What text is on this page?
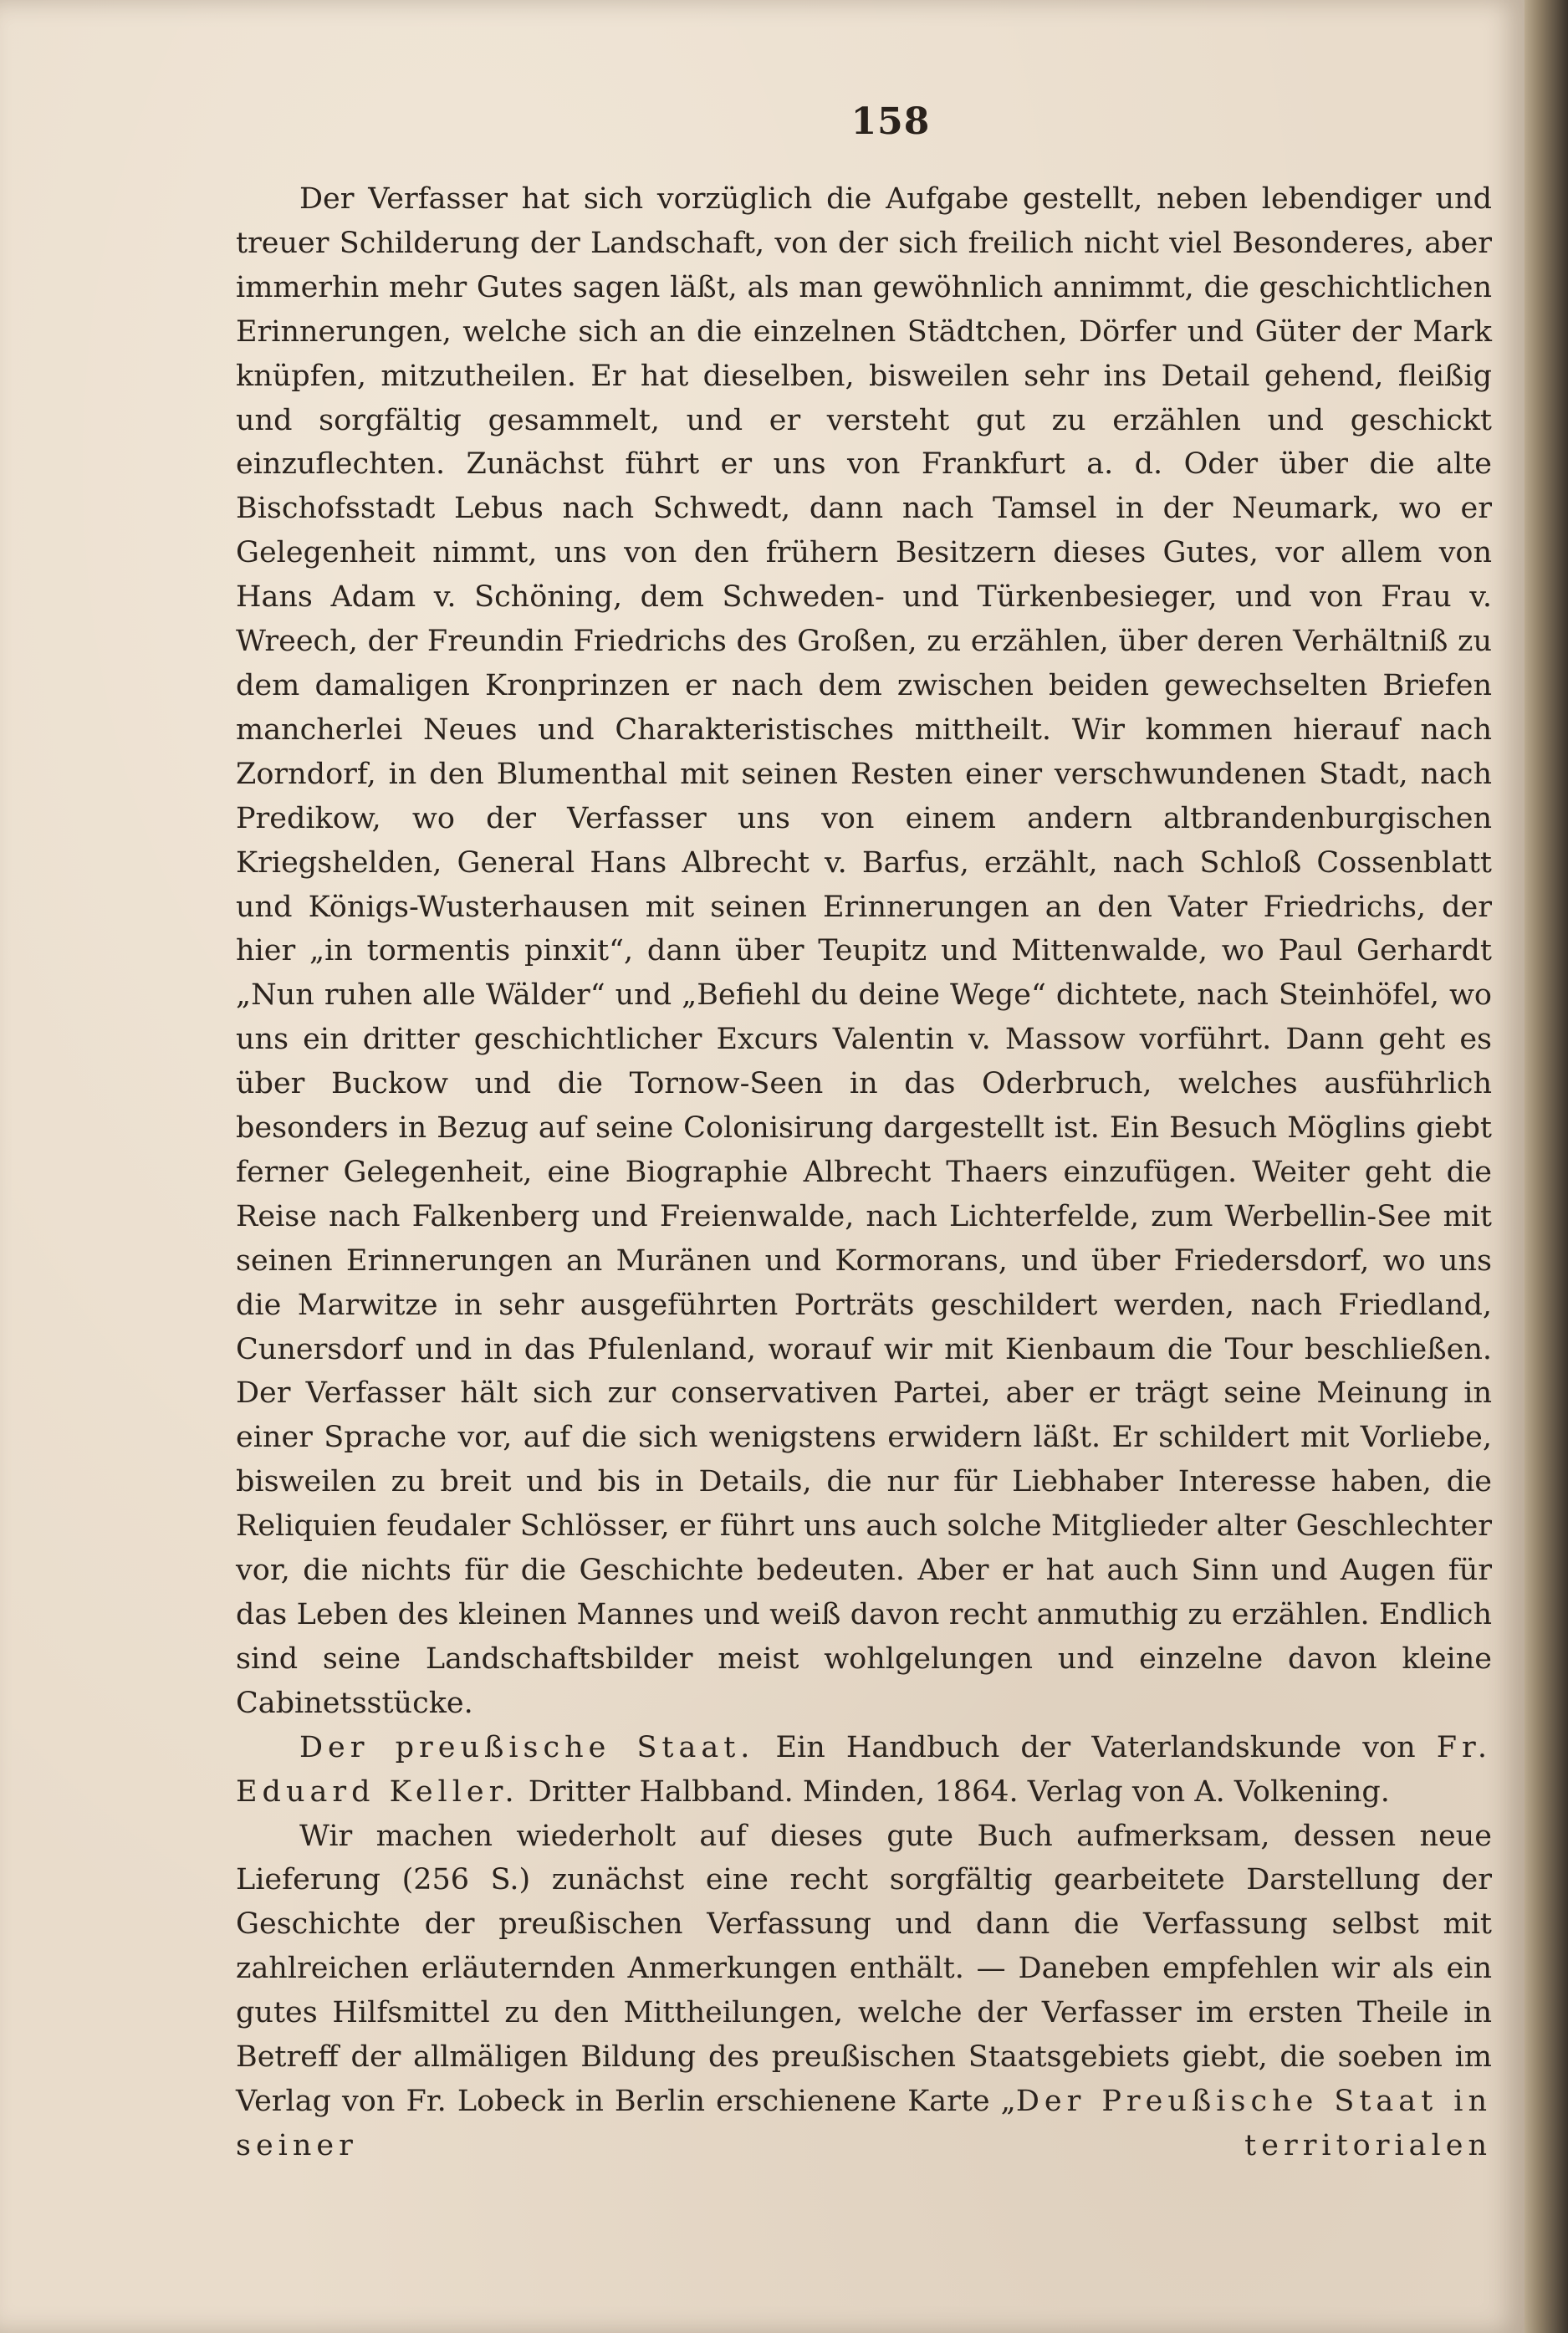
158

Der Verfasser hat sich vorzüglich die Aufgabe gestellt, neben lebendiger und treuer Schilderung der Landschaft, von der sich freilich nicht viel Besonderes, aber immerhin mehr Gutes sagen läßt, als man gewöhnlich annimmt, die geschichtlichen Erinnerungen, welche sich an die einzelnen Städtchen, Dörfer und Güter der Mark knüpfen, mitzutheilen. Er hat dieselben, bisweilen sehr ins Detail gehend, fleißig und sorgfältig gesammelt, und er versteht gut zu erzählen und geschickt einzuflechten. Zunächst führt er uns von Frankfurt a. d. Oder über die alte Bischofsstadt Lebus nach Schwedt, dann nach Tamsel in der Neumark, wo er Gelegenheit nimmt, uns von den frühern Besitzern dieses Gutes, vor allem von Hans Adam v. Schöning, dem Schweden- und Türkenbesieger, und von Frau v. Wreech, der Freundin Friedrichs des Großen, zu erzählen, über deren Verhältniß zu dem damaligen Kronprinzen er nach dem zwischen beiden gewechselten Briefen mancherlei Neues und Charakteristisches mittheilt. Wir kommen hierauf nach Zorndorf, in den Blumenthal mit seinen Resten einer verschwundenen Stadt, nach Predikow, wo der Verfasser uns von einem andern altbrandenburgischen Kriegshelden, General Hans Albrecht v. Barfus, erzählt, nach Schloß Cossenblatt und Königs-Wusterhausen mit seinen Erinnerungen an den Vater Friedrichs, der hier „in tormentis pinxit“, dann über Teupitz und Mittenwalde, wo Paul Gerhardt „Nun ruhen alle Wälder“ und „Befiehl du deine Wege“ dichtete, nach Steinhöfel, wo uns ein dritter geschichtlicher Excurs Valentin v. Massow vorführt. Dann geht es über Buckow und die Tornow-Seen in das Oderbruch, welches ausführlich besonders in Bezug auf seine Colonisirung dargestellt ist. Ein Besuch Möglins giebt ferner Gelegenheit, eine Biographie Albrecht Thaers einzufügen. Weiter geht die Reise nach Falkenberg und Freienwalde, nach Lichterfelde, zum Werbellin-See mit seinen Erinnerungen an Muränen und Kormorans, und über Friedersdorf, wo uns die Marwitze in sehr ausgeführten Porträts geschildert werden, nach Friedland, Cunersdorf und in das Pfulenland, worauf wir mit Kienbaum die Tour beschließen. Der Verfasser hält sich zur conservativen Partei, aber er trägt seine Meinung in einer Sprache vor, auf die sich wenigstens erwidern läßt. Er schildert mit Vorliebe, bisweilen zu breit und bis in Details, die nur für Liebhaber Interesse haben, die Reliquien feudaler Schlösser, er führt uns auch solche Mitglieder alter Geschlechter vor, die nichts für die Geschichte bedeuten. Aber er hat auch Sinn und Augen für das Leben des kleinen Mannes und weiß davon recht anmuthig zu erzählen. Endlich sind seine Landschaftsbilder meist wohlgelungen und einzelne davon kleine Cabinetsstücke.

Der preußische Staat. Ein Handbuch der Vaterlandskunde von Fr. Eduard Keller. Dritter Halbband. Minden, 1864. Verlag von A. Volkening.

Wir machen wiederholt auf dieses gute Buch aufmerksam, dessen neue Lieferung (256 S.) zunächst eine recht sorgfältig gearbeitete Darstellung der Geschichte der preußischen Verfassung und dann die Verfassung selbst mit zahlreichen erläuternden Anmerkungen enthält. — Daneben empfehlen wir als ein gutes Hilfsmittel zu den Mittheilungen, welche der Verfasser im ersten Theile in Betreff der allmäligen Bildung des preußischen Staatsgebiets giebt, die soeben im Verlag von Fr. Lobeck in Berlin erschienene Karte „Der Preußische Staat in seiner territorialen
